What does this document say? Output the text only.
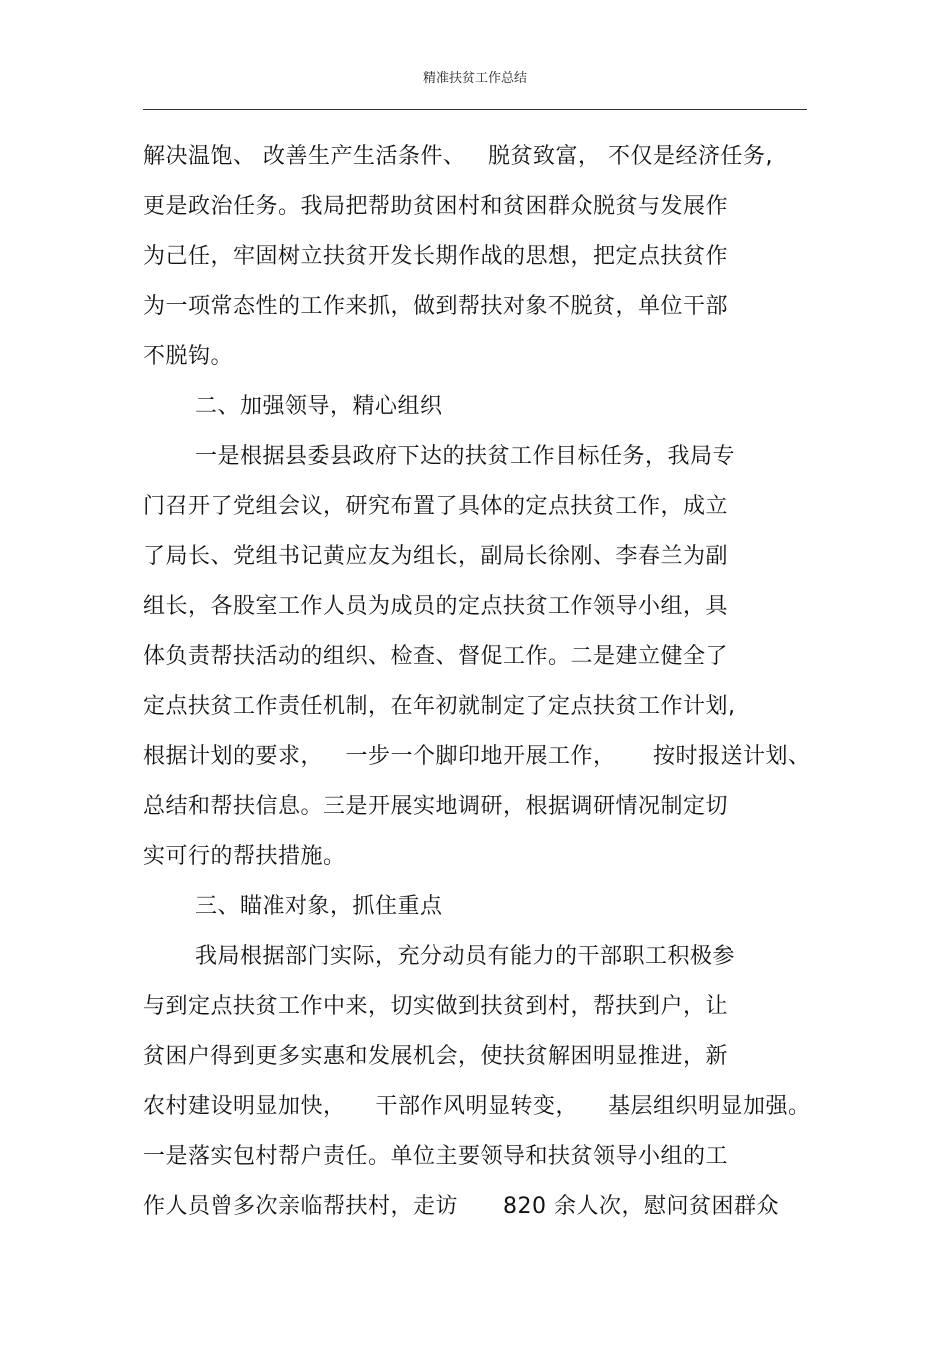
精准扶贫工作总结
解决温饱、 改善生产生活条件、   脱贫致富， 不仅是经济任务,
更是政治任务。我局把帮助贫困村和贫困群众脱贫与发展作
为己任，牢固树立扶贫开发长期作战的思想，把定点扶贫作
为一项常态性的工作来抓，做到帮扶对象不脱贫，单位干部
不脱钩。
二、加强领导，精心组织
一是根据县委县政府下达的扶贫工作目标任务，我局专
门召开了党组会议，研究布置了具体的定点扶贫工作，成立
了局长、党组书记黄应友为组长，副局长徐刚、李春兰为副
组长，各股室工作人员为成员的定点扶贫工作领导小组，具
体负责帮扶活动的组织、检查、督促工作。二是建立健全了
定点扶贫工作责任机制，在年初就制定了定点扶贫工作计划,
根据计划的要求，   一步一个脚印地开展工作，     按时报送计划、
总结和帮扶信息。三是开展实地调研，根据调研情况制定切
实可行的帮扶措施。
三、瞄准对象，抓住重点
我局根据部门实际，充分动员有能力的干部职工积极参
与到定点扶贫工作中来，切实做到扶贫到村，帮扶到户，让
贫困户得到更多实惠和发展机会，使扶贫解困明显推进，新
农村建设明显加快，    干部作风明显转变，    基层组织明显加强。
一是落实包村帮户责任。单位主要领导和扶贫领导小组的工
作人员曾多次亲临帮扶村，走访      820 余人次，慰问贫困群众
